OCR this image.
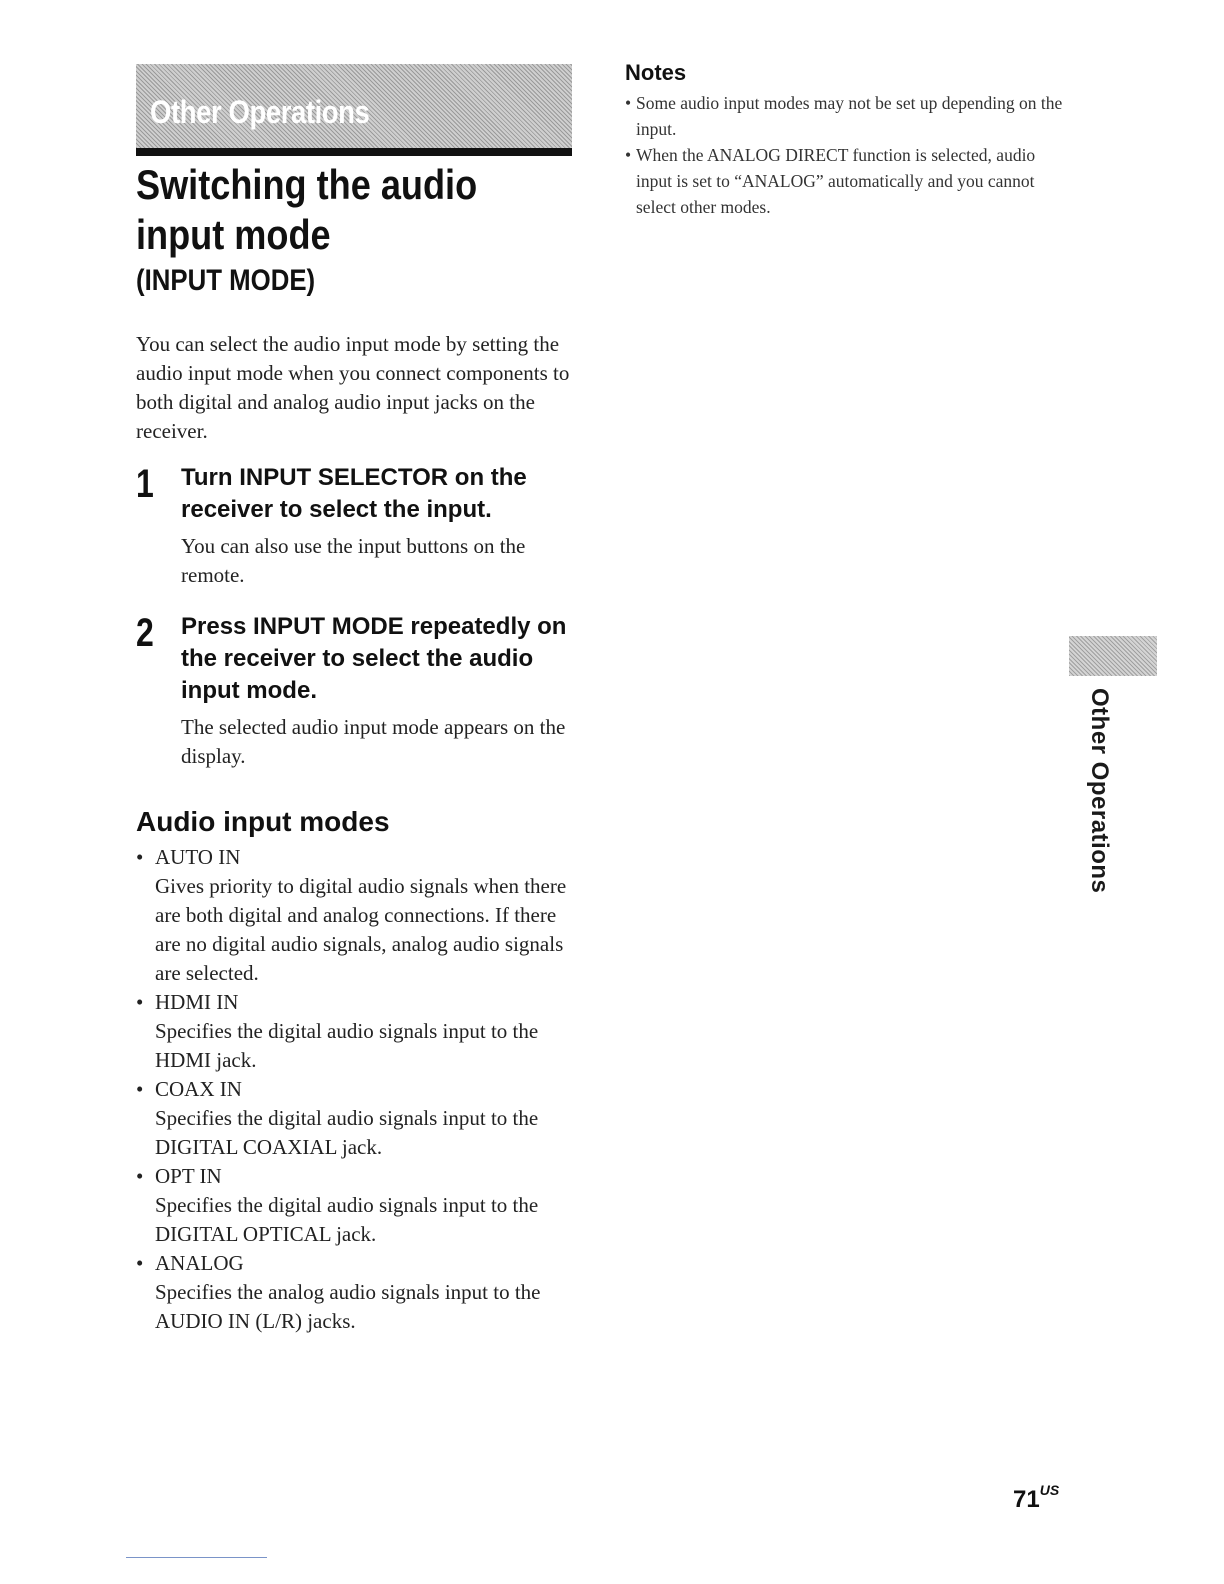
Other Operations
Switching the audio input mode
(INPUT MODE)

You can select the audio input mode by setting the audio input mode when you connect components to both digital and analog audio input jacks on the receiver.

1 Turn INPUT SELECTOR on the receiver to select the input.

You can also use the input buttons on the remote.

2 Press INPUT MODE repeatedly on the receiver to select the audio input mode.

The selected audio input mode appears on the display.

Audio input modes
• AUTO IN
Gives priority to digital audio signals when there are both digital and analog connections. If there are no digital audio signals, analog audio signals are selected.
• HDMI IN
Specifies the digital audio signals input to the HDMI jack.
• COAX IN
Specifies the digital audio signals input to the DIGITAL COAXIAL jack.
• OPT IN
Specifies the digital audio signals input to the DIGITAL OPTICAL jack.
• ANALOG
Specifies the analog audio signals input to the AUDIO IN (L/R) jacks.
Notes
• Some audio input modes may not be set up depending on the input.
• When the ANALOG DIRECT function is selected, audio input is set to “ANALOG” automatically and you cannot select other modes.
Other Operations
$71^{US}$
